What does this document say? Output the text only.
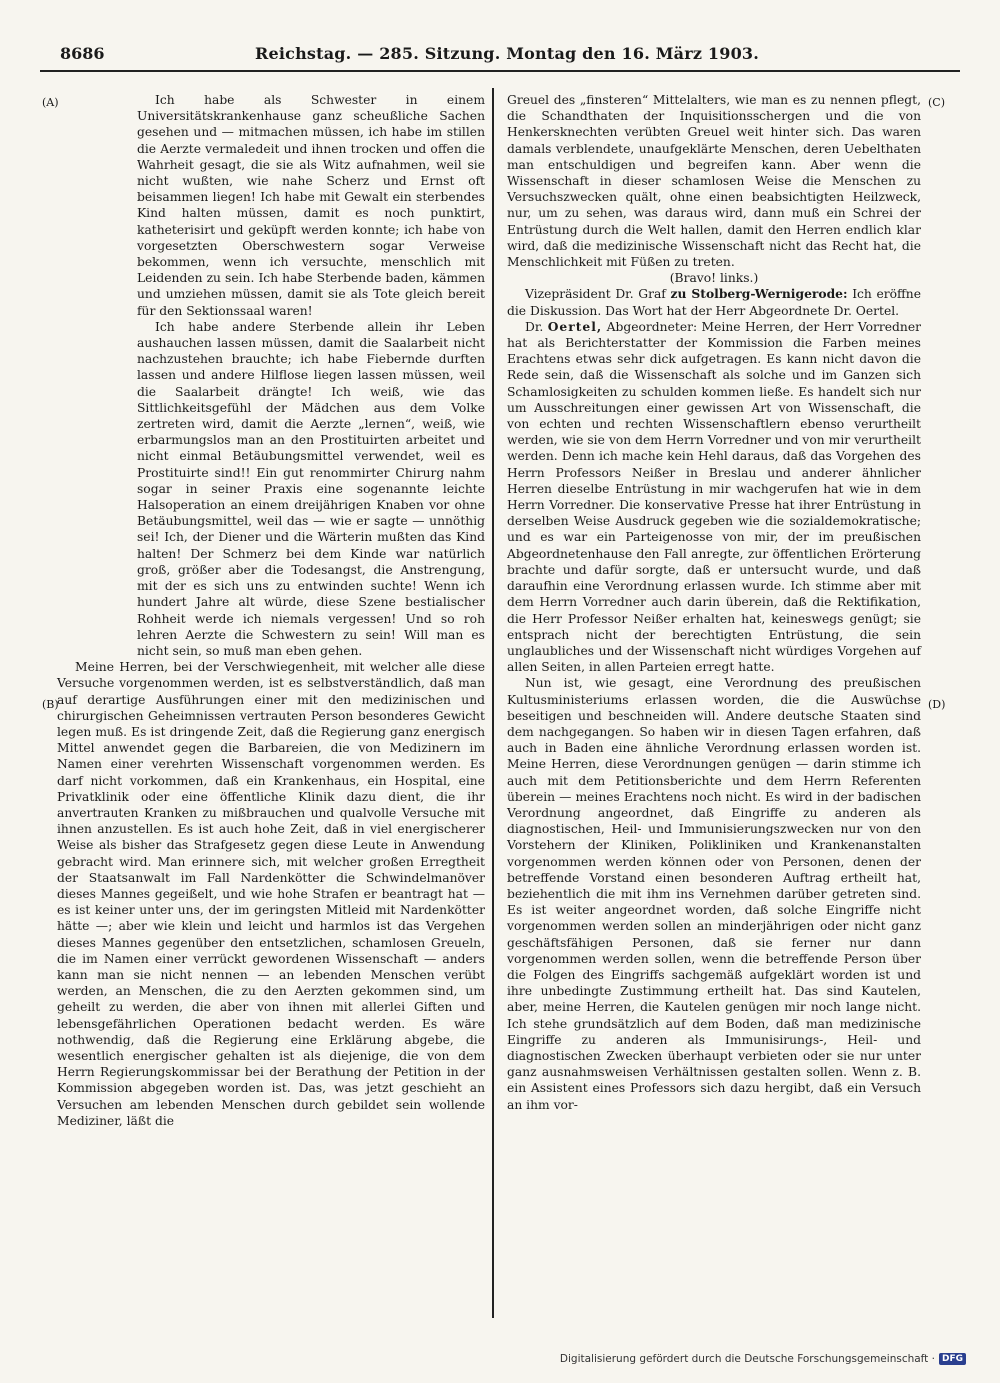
8686	Reichstag. — 285. Sitzung. Montag den 16. März 1903.
(A)
(B)
(C)
(D)

Ich habe als Schwester in einem Universitätskrankenhause ganz scheußliche Sachen gesehen und — mitmachen müssen, ich habe im stillen die Aerzte vermaledeit und ihnen trocken und offen die Wahrheit gesagt, die sie als Witz aufnahmen, weil sie nicht wußten, wie nahe Scherz und Ernst oft beisammen liegen! Ich habe mit Gewalt ein sterbendes Kind halten müssen, damit es noch punktirt, katheterisirt und geküpft werden konnte; ich habe von vorgesetzten Oberschwestern sogar Verweise bekommen, wenn ich versuchte, menschlich mit Leidenden zu sein. Ich habe Sterbende baden, kämmen und umziehen müssen, damit sie als Tote gleich bereit für den Sektionssaal waren!

Ich habe andere Sterbende allein ihr Leben aushauchen lassen müssen, damit die Saalarbeit nicht nachzustehen brauchte; ich habe Fiebernde durften lassen und andere Hilflose liegen lassen müssen, weil die Saalarbeit drängte! Ich weiß, wie das Sittlichkeitsgefühl der Mädchen aus dem Volke zertreten wird, damit die Aerzte „lernen“, weiß, wie erbarmungslos man an den Prostituirten arbeitet und nicht einmal Betäubungsmittel verwendet, weil es Prostituirte sind!! Ein gut renommirter Chirurg nahm sogar in seiner Praxis eine sogenannte leichte Halsoperation an einem dreijährigen Knaben vor ohne Betäubungsmittel, weil das — wie er sagte — unnöthig sei! Ich, der Diener und die Wärterin mußten das Kind halten! Der Schmerz bei dem Kinde war natürlich groß, größer aber die Todesangst, die Anstrengung, mit der es sich uns zu entwinden suchte! Wenn ich hundert Jahre alt würde, diese Szene bestialischer Rohheit werde ich niemals vergessen! Und so roh lehren Aerzte die Schwestern zu sein! Will man es nicht sein, so muß man eben gehen.

Meine Herren, bei der Verschwiegenheit, mit welcher alle diese Versuche vorgenommen werden, ist es selbstverständlich, daß man auf derartige Ausführungen einer mit den medizinischen und chirurgischen Geheimnissen vertrauten Person besonderes Gewicht legen muß. Es ist dringende Zeit, daß die Regierung ganz energisch Mittel anwendet gegen die Barbareien, die von Medizinern im Namen einer verehrten Wissenschaft vorgenommen werden. Es darf nicht vorkommen, daß ein Krankenhaus, ein Hospital, eine Privatklinik oder eine öffentliche Klinik dazu dient, die ihr anvertrauten Kranken zu mißbrauchen und qualvolle Versuche mit ihnen anzustellen. Es ist auch hohe Zeit, daß in viel energischerer Weise als bisher das Strafgesetz gegen diese Leute in Anwendung gebracht wird. Man erinnere sich, mit welcher großen Erregtheit der Staatsanwalt im Fall Nardenkötter die Schwindelmanöver dieses Mannes gegeißelt, und wie hohe Strafen er beantragt hat — es ist keiner unter uns, der im geringsten Mitleid mit Nardenkötter hätte —; aber wie klein und leicht und harmlos ist das Vergehen dieses Mannes gegenüber den entsetzlichen, schamlosen Greueln, die im Namen einer verrückt gewordenen Wissenschaft — anders kann man sie nicht nennen — an lebenden Menschen verübt werden, an Menschen, die zu den Aerzten gekommen sind, um geheilt zu werden, die aber von ihnen mit allerlei Giften und lebensgefährlichen Operationen bedacht werden. Es wäre nothwendig, daß die Regierung eine Erklärung abgebe, die wesentlich energischer gehalten ist als diejenige, die von dem Herrn Regierungskommissar bei der Berathung der Petition in der Kommission abgegeben worden ist. Das, was jetzt geschieht an Versuchen am lebenden Menschen durch gebildet sein wollende Mediziner, läßt die

Greuel des „finsteren“ Mittelalters, wie man es zu nennen pflegt, die Schandthaten der Inquisitionsschergen und die von Henkersknechten verübten Greuel weit hinter sich. Das waren damals verblendete, unaufgeklärte Menschen, deren Uebelthaten man entschuldigen und begreifen kann. Aber wenn die Wissenschaft in dieser schamlosen Weise die Menschen zu Versuchszwecken quält, ohne einen beabsichtigten Heilzweck, nur, um zu sehen, was daraus wird, dann muß ein Schrei der Entrüstung durch die Welt hallen, damit den Herren endlich klar wird, daß die medizinische Wissenschaft nicht das Recht hat, die Menschlichkeit mit Füßen zu treten.

(Bravo! links.)

Vizepräsident Dr. Graf zu Stolberg-Wernigerode: Ich eröffne die Diskussion. Das Wort hat der Herr Abgeordnete Dr. Oertel.

Dr. Oertel, Abgeordneter: Meine Herren, der Herr Vorredner hat als Berichterstatter der Kommission die Farben meines Erachtens etwas sehr dick aufgetragen. Es kann nicht davon die Rede sein, daß die Wissenschaft als solche und im Ganzen sich Schamlosigkeiten zu schulden kommen ließe. Es handelt sich nur um Ausschreitungen einer gewissen Art von Wissenschaft, die von echten und rechten Wissenschaftlern ebenso verurtheilt werden, wie sie von dem Herrn Vorredner und von mir verurtheilt werden. Denn ich mache kein Hehl daraus, daß das Vorgehen des Herrn Professors Neißer in Breslau und anderer ähnlicher Herren dieselbe Entrüstung in mir wachgerufen hat wie in dem Herrn Vorredner. Die konservative Presse hat ihrer Entrüstung in derselben Weise Ausdruck gegeben wie die sozialdemokratische; und es war ein Parteigenosse von mir, der im preußischen Abgeordnetenhause den Fall anregte, zur öffentlichen Erörterung brachte und dafür sorgte, daß er untersucht wurde, und daß daraufhin eine Verordnung erlassen wurde. Ich stimme aber mit dem Herrn Vorredner auch darin überein, daß die Rektifikation, die Herr Professor Neißer erhalten hat, keineswegs genügt; sie entsprach nicht der berechtigten Entrüstung, die sein unglaubliches und der Wissenschaft nicht würdiges Vorgehen auf allen Seiten, in allen Parteien erregt hatte.

Nun ist, wie gesagt, eine Verordnung des preußischen Kultusministeriums erlassen worden, die die Auswüchse beseitigen und beschneiden will. Andere deutsche Staaten sind dem nachgegangen. So haben wir in diesen Tagen erfahren, daß auch in Baden eine ähnliche Verordnung erlassen worden ist. Meine Herren, diese Verordnungen genügen — darin stimme ich auch mit dem Petitionsberichte und dem Herrn Referenten überein — meines Erachtens noch nicht. Es wird in der badischen Verordnung angeordnet, daß Eingriffe zu anderen als diagnostischen, Heil- und Immunisierungszwecken nur von den Vorstehern der Kliniken, Polikliniken und Krankenanstalten vorgenommen werden können oder von Personen, denen der betreffende Vorstand einen besonderen Auftrag ertheilt hat, beziehentlich die mit ihm ins Vernehmen darüber getreten sind. Es ist weiter angeordnet worden, daß solche Eingriffe nicht vorgenommen werden sollen an minderjährigen oder nicht ganz geschäftsfähigen Personen, daß sie ferner nur dann vorgenommen werden sollen, wenn die betreffende Person über die Folgen des Eingriffs sachgemäß aufgeklärt worden ist und ihre unbedingte Zustimmung ertheilt hat. Das sind Kautelen, aber, meine Herren, die Kautelen genügen mir noch lange nicht. Ich stehe grundsätzlich auf dem Boden, daß man medizinische Eingriffe zu anderen als Immunisirungs-, Heil- und diagnostischen Zwecken überhaupt verbieten oder sie nur unter ganz ausnahmsweisen Verhältnissen gestalten sollen. Wenn z. B. ein Assistent eines Professors sich dazu hergibt, daß ein Versuch an ihm vor-

Digitalisierung gefördert durch die Deutsche Forschungsgemeinschaft · DFG
